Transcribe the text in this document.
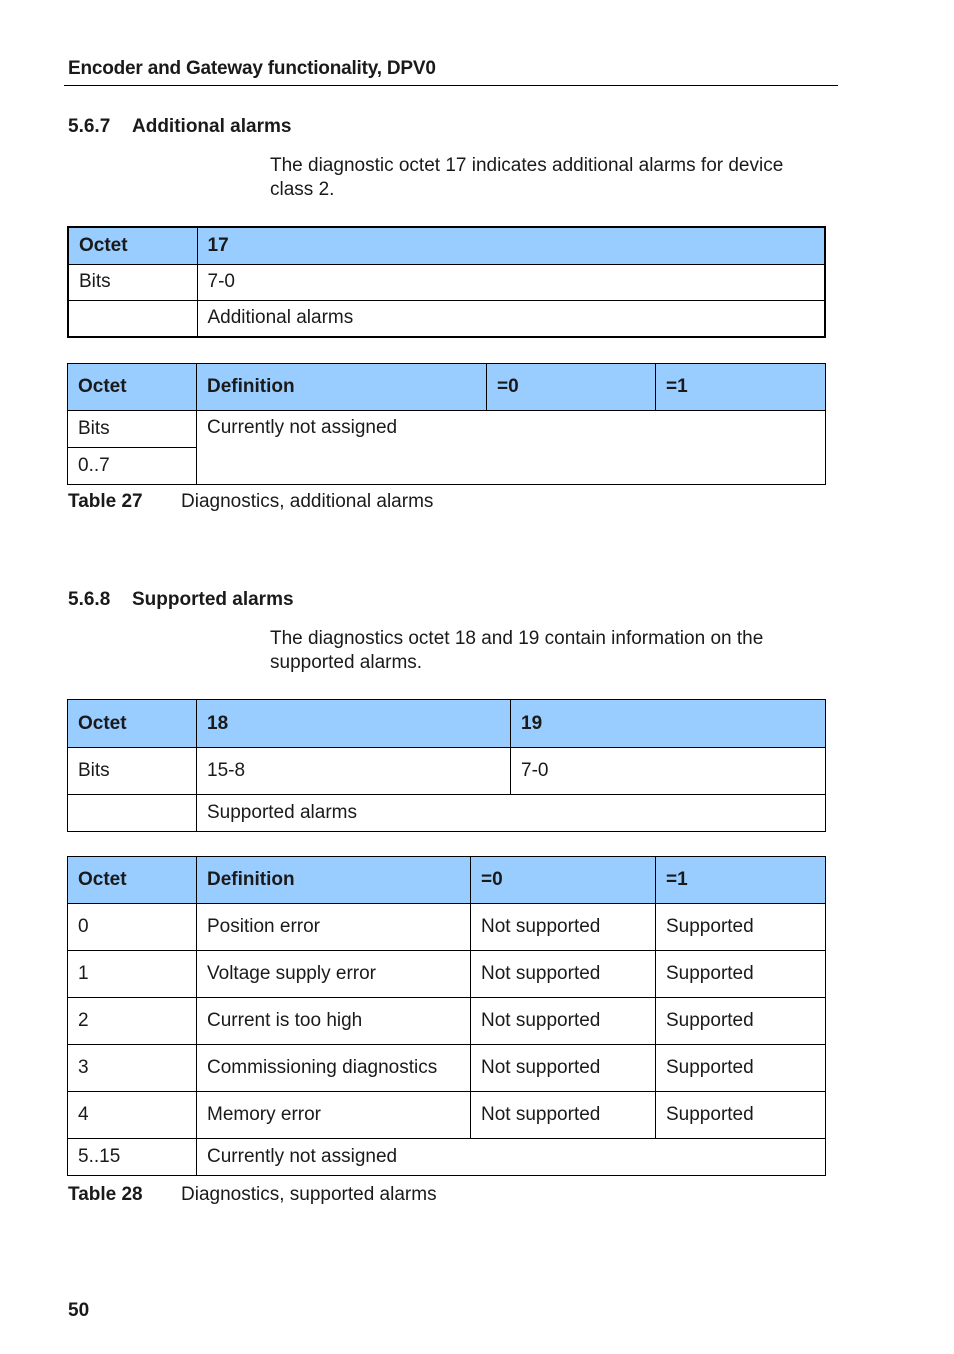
Encoder and Gateway functionality, DPV0
5.6.7 Additional alarms
The diagnostic octet 17 indicates additional alarms for device
class 2.
Octet	17
Bits	7-0
	Additional alarms
Octet	Definition	=0	=1
Bits	Currently not assigned		
0..7			
Table 27 Diagnostics, additional alarms
5.6.8 Supported alarms
The diagnostics octet 18 and 19 contain information on the
supported alarms.
Octet	18	19
Bits	15-8	7-0
	Supported alarms	
Octet	Definition	=0	=1
0	Position error	Not supported	Supported
1	Voltage supply error	Not supported	Supported
2	Current is too high	Not supported	Supported
3	Commissioning diagnostics	Not supported	Supported
4	Memory error	Not supported	Supported
5..15	Currently not assigned		
Table 28 Diagnostics, supported alarms
50
